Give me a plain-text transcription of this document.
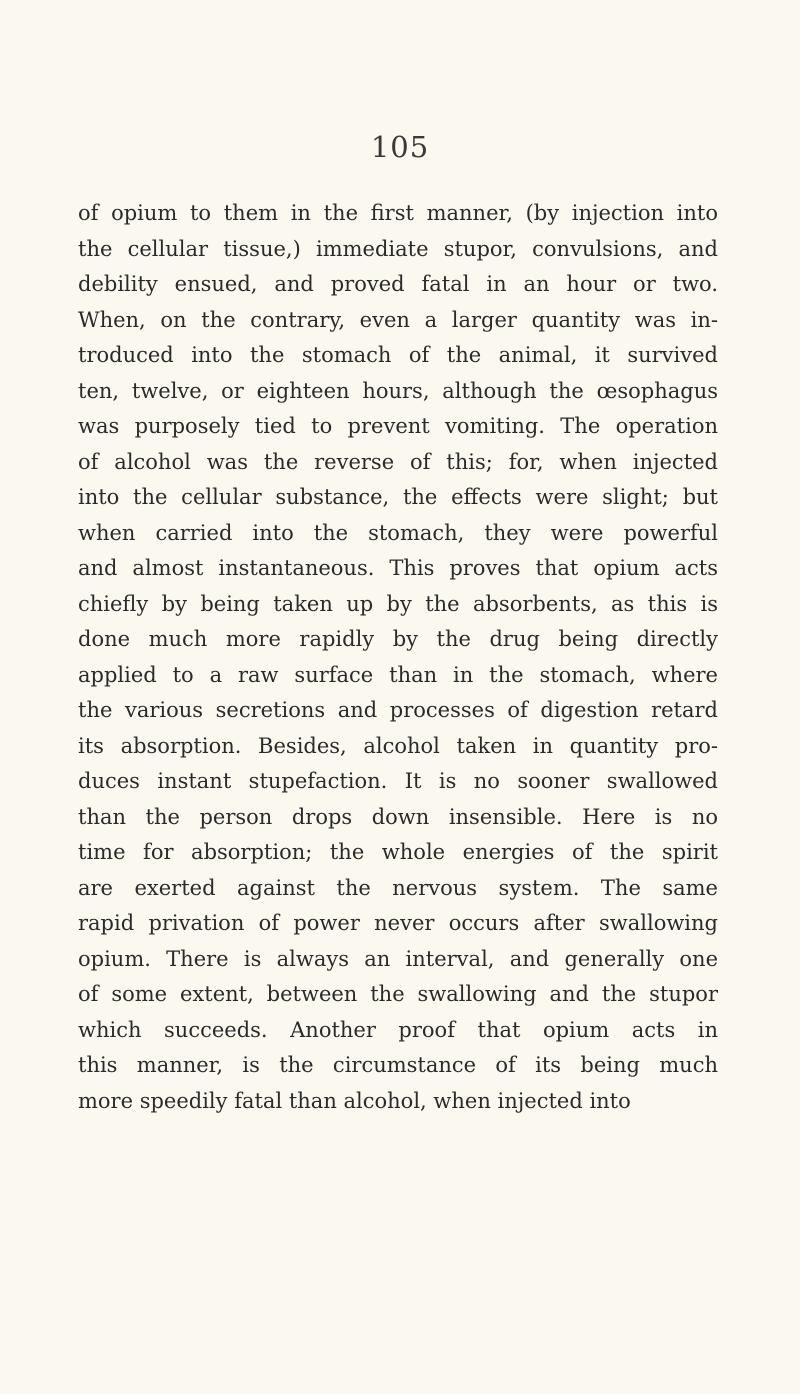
105
of opium to them in the first manner, (by injection into
the cellular tissue,) immediate stupor, convulsions, and
debility ensued, and proved fatal in an hour or two.
When, on the contrary, even a larger quantity was in-
troduced into the stomach of the animal, it survived
ten, twelve, or eighteen hours, although the œsophagus
was purposely tied to prevent vomiting. The operation
of alcohol was the reverse of this; for, when injected
into the cellular substance, the effects were slight; but
when carried into the stomach, they were powerful
and almost instantaneous. This proves that opium acts
chiefly by being taken up by the absorbents, as this is
done much more rapidly by the drug being directly
applied to a raw surface than in the stomach, where
the various secretions and processes of digestion retard
its absorption. Besides, alcohol taken in quantity pro-
duces instant stupefaction. It is no sooner swallowed
than the person drops down insensible. Here is no
time for absorption; the whole energies of the spirit
are exerted against the nervous system. The same
rapid privation of power never occurs after swallowing
opium. There is always an interval, and generally one
of some extent, between the swallowing and the stupor
which succeeds. Another proof that opium acts in
this manner, is the circumstance of its being much
more speedily fatal than alcohol, when injected into
